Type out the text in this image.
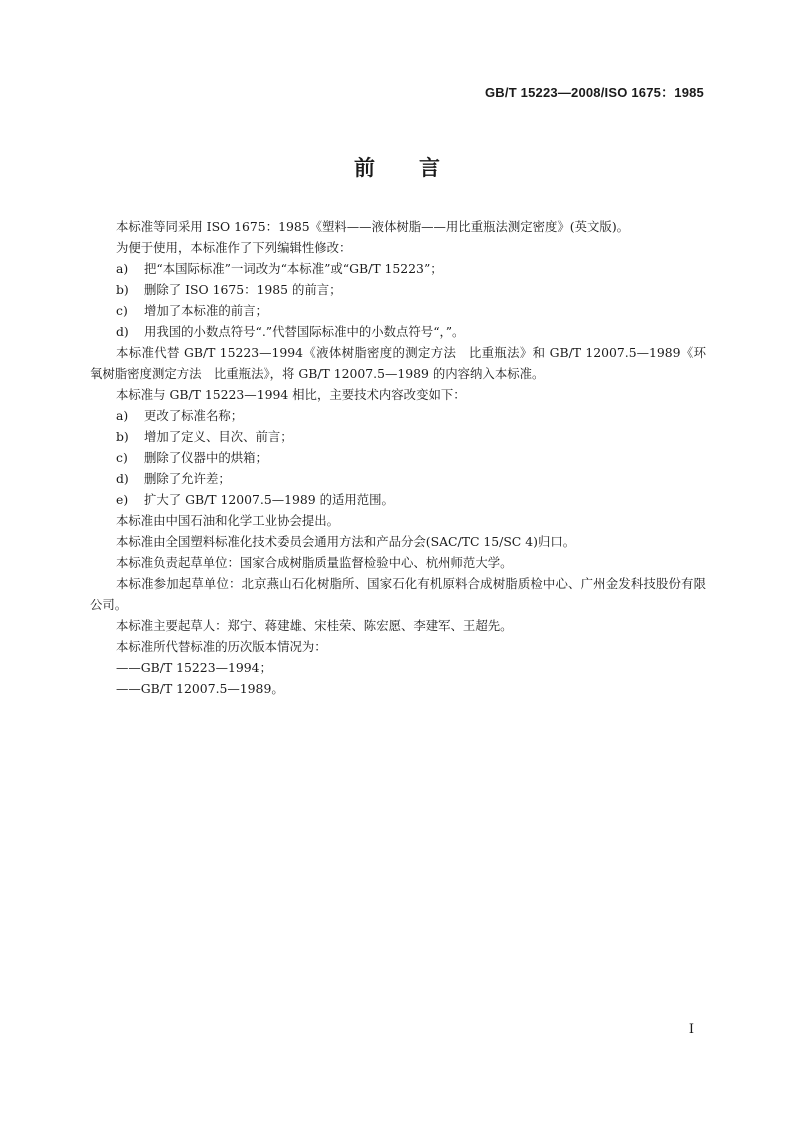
GB/T 15223—2008/ISO 1675：1985
前 言

本标准等同采用 ISO 1675：1985《塑料——液体树脂——用比重瓶法测定密度》(英文版)。

为便于使用，本标准作了下列编辑性修改：

a) 把“本国际标准”一词改为“本标准”或“GB/T 15223”；

b) 删除了 ISO 1675：1985 的前言；

c) 增加了本标准的前言；

d) 用我国的小数点符号“.”代替国际标准中的小数点符号“，”。

本标准代替 GB/T 15223—1994《液体树脂密度的测定方法　比重瓶法》和 GB/T 12007.5—1989《环氧树脂密度测定方法　比重瓶法》，将 GB/T 12007.5—1989 的内容纳入本标准。

本标准与 GB/T 15223—1994 相比，主要技术内容改变如下：

a) 更改了标准名称；

b) 增加了定义、目次、前言；

c) 删除了仪器中的烘箱；

d) 删除了允许差；

e) 扩大了 GB/T 12007.5—1989 的适用范围。

本标准由中国石油和化学工业协会提出。

本标准由全国塑料标准化技术委员会通用方法和产品分会(SAC/TC 15/SC 4)归口。

本标准负责起草单位：国家合成树脂质量监督检验中心、杭州师范大学。

本标准参加起草单位：北京燕山石化树脂所、国家石化有机原料合成树脂质检中心、广州金发科技股份有限公司。

本标准主要起草人：郑宁、蒋建雄、宋桂荣、陈宏愿、李建军、王超先。

本标准所代替标准的历次版本情况为：

——GB/T 15223—1994；

——GB/T 12007.5—1989。

I
